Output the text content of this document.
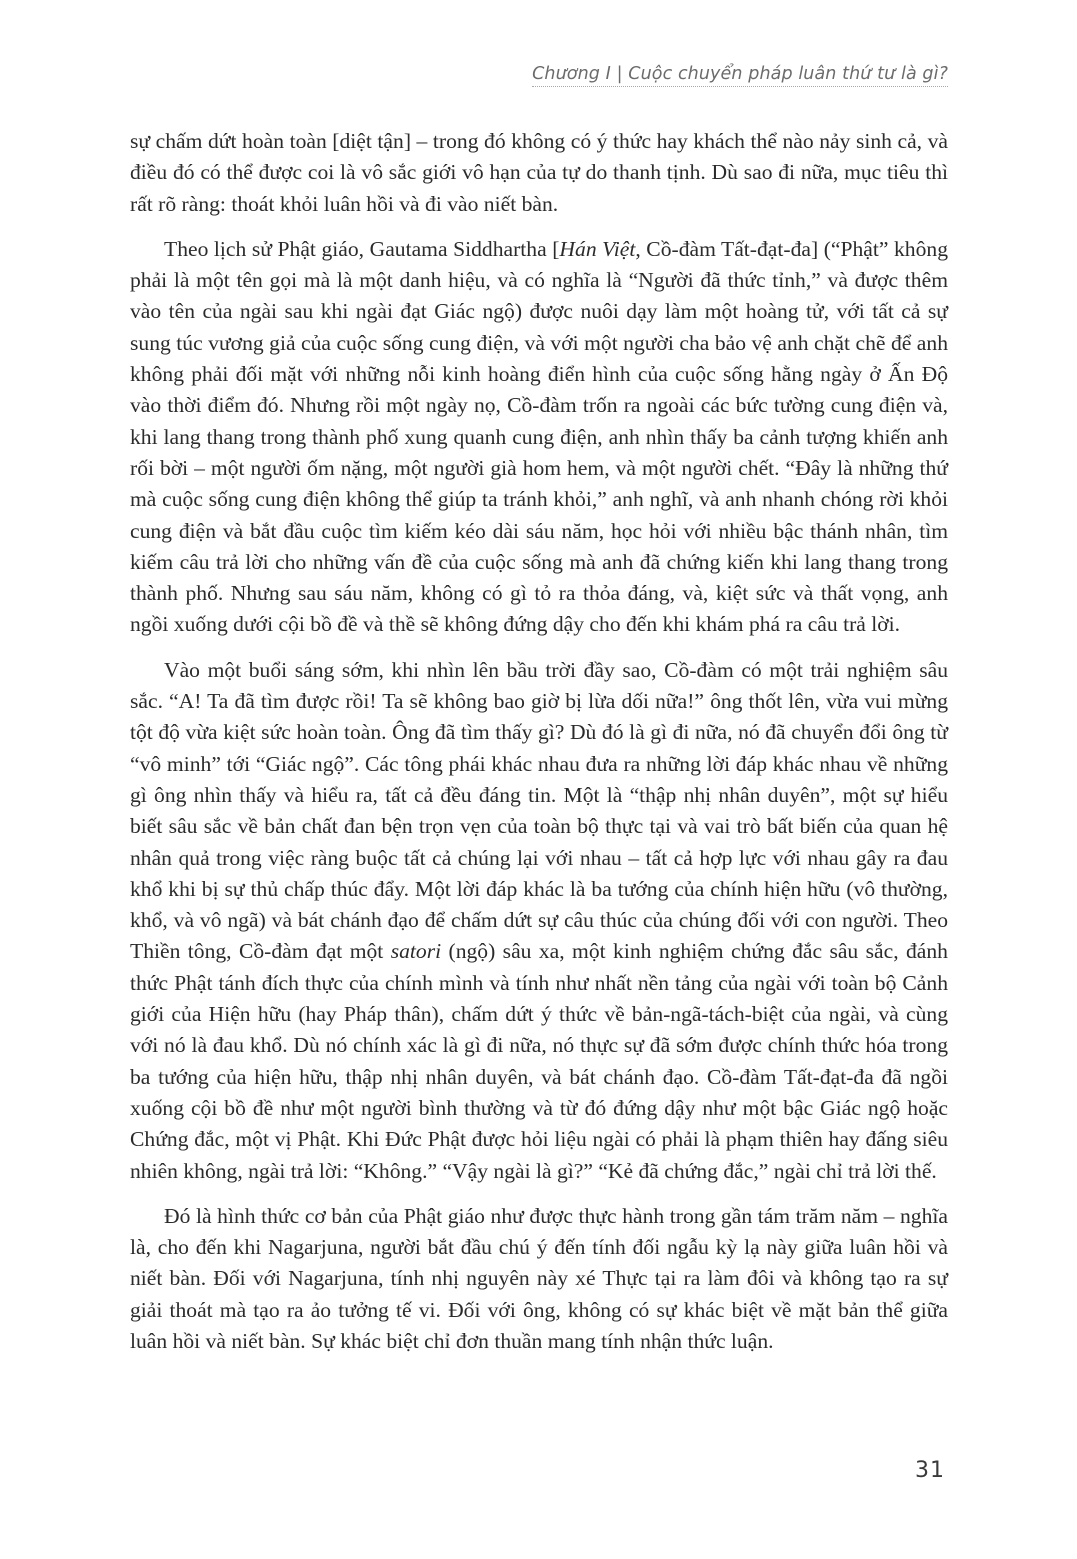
Chương I | Cuộc chuyển pháp luân thứ tư là gì?

sự chấm dứt hoàn toàn [diệt tận] – trong đó không có ý thức hay khách thể nào nảy sinh cả, và điều đó có thể được coi là vô sắc giới vô hạn của tự do thanh tịnh. Dù sao đi nữa, mục tiêu thì rất rõ ràng: thoát khỏi luân hồi và đi vào niết bàn.

Theo lịch sử Phật giáo, Gautama Siddhartha [Hán Việt, Cồ-đàm Tất-đạt-đa] (“Phật” không phải là một tên gọi mà là một danh hiệu, và có nghĩa là “Người đã thức tỉnh,” và được thêm vào tên của ngài sau khi ngài đạt Giác ngộ) được nuôi dạy làm một hoàng tử, với tất cả sự sung túc vương giả của cuộc sống cung điện, và với một người cha bảo vệ anh chặt chẽ để anh không phải đối mặt với những nỗi kinh hoàng điển hình của cuộc sống hằng ngày ở Ấn Độ vào thời điểm đó. Nhưng rồi một ngày nọ, Cồ-đàm trốn ra ngoài các bức tường cung điện và, khi lang thang trong thành phố xung quanh cung điện, anh nhìn thấy ba cảnh tượng khiến anh rối bời – một người ốm nặng, một người già hom hem, và một người chết. “Đây là những thứ mà cuộc sống cung điện không thể giúp ta tránh khỏi,” anh nghĩ, và anh nhanh chóng rời khỏi cung điện và bắt đầu cuộc tìm kiếm kéo dài sáu năm, học hỏi với nhiều bậc thánh nhân, tìm kiếm câu trả lời cho những vấn đề của cuộc sống mà anh đã chứng kiến khi lang thang trong thành phố. Nhưng sau sáu năm, không có gì tỏ ra thỏa đáng, và, kiệt sức và thất vọng, anh ngồi xuống dưới cội bồ đề và thề sẽ không đứng dậy cho đến khi khám phá ra câu trả lời.

Vào một buổi sáng sớm, khi nhìn lên bầu trời đầy sao, Cồ-đàm có một trải nghiệm sâu sắc. “A! Ta đã tìm được rồi! Ta sẽ không bao giờ bị lừa dối nữa!” ông thốt lên, vừa vui mừng tột độ vừa kiệt sức hoàn toàn. Ông đã tìm thấy gì? Dù đó là gì đi nữa, nó đã chuyển đổi ông từ “vô minh” tới “Giác ngộ”. Các tông phái khác nhau đưa ra những lời đáp khác nhau về những gì ông nhìn thấy và hiểu ra, tất cả đều đáng tin. Một là “thập nhị nhân duyên”, một sự hiểu biết sâu sắc về bản chất đan bện trọn vẹn của toàn bộ thực tại và vai trò bất biến của quan hệ nhân quả trong việc ràng buộc tất cả chúng lại với nhau – tất cả hợp lực với nhau gây ra đau khổ khi bị sự thủ chấp thúc đẩy. Một lời đáp khác là ba tướng của chính hiện hữu (vô thường, khổ, và vô ngã) và bát chánh đạo để chấm dứt sự câu thúc của chúng đối với con người. Theo Thiền tông, Cồ-đàm đạt một satori (ngộ) sâu xa, một kinh nghiệm chứng đắc sâu sắc, đánh thức Phật tánh đích thực của chính mình và tính như nhất nền tảng của ngài với toàn bộ Cảnh giới của Hiện hữu (hay Pháp thân), chấm dứt ý thức về bản-ngã-tách-biệt của ngài, và cùng với nó là đau khổ. Dù nó chính xác là gì đi nữa, nó thực sự đã sớm được chính thức hóa trong ba tướng của hiện hữu, thập nhị nhân duyên, và bát chánh đạo. Cồ-đàm Tất-đạt-đa đã ngồi xuống cội bồ đề như một người bình thường và từ đó đứng dậy như một bậc Giác ngộ hoặc Chứng đắc, một vị Phật. Khi Đức Phật được hỏi liệu ngài có phải là phạm thiên hay đấng siêu nhiên không, ngài trả lời: “Không.” “Vậy ngài là gì?” “Kẻ đã chứng đắc,” ngài chỉ trả lời thế.

Đó là hình thức cơ bản của Phật giáo như được thực hành trong gần tám trăm năm – nghĩa là, cho đến khi Nagarjuna, người bắt đầu chú ý đến tính đối ngẫu kỳ lạ này giữa luân hồi và niết bàn. Đối với Nagarjuna, tính nhị nguyên này xé Thực tại ra làm đôi và không tạo ra sự giải thoát mà tạo ra ảo tưởng tế vi. Đối với ông, không có sự khác biệt về mặt bản thể giữa luân hồi và niết bàn. Sự khác biệt chỉ đơn thuần mang tính nhận thức luận.

31
